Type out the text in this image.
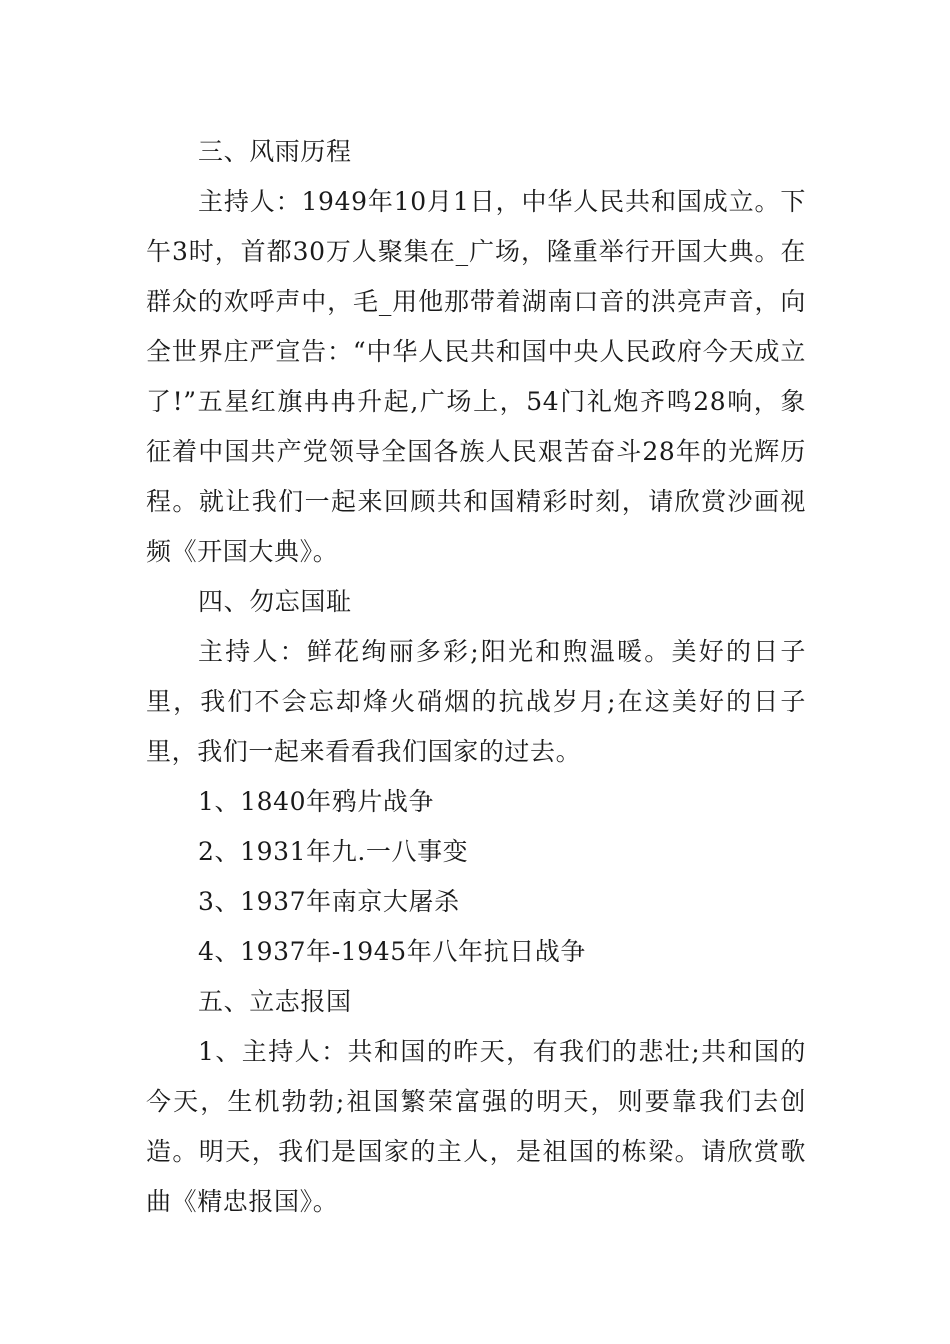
三、风雨历程

主持人：1949年10月1日，中华人民共和国成立。下午3时，首都30万人聚集在_广场，隆重举行开国大典。在群众的欢呼声中，毛_用他那带着湖南口音的洪亮声音，向全世界庄严宣告：“中华人民共和国中央人民政府今天成立了!”五星红旗冉冉升起,广场上，54门礼炮齐鸣28响，象征着中国共产党领导全国各族人民艰苦奋斗28年的光辉历程。就让我们一起来回顾共和国精彩时刻，请欣赏沙画视频《开国大典》。

四、勿忘国耻

主持人：鲜花绚丽多彩;阳光和煦温暖。美好的日子里，我们不会忘却烽火硝烟的抗战岁月;在这美好的日子里，我们一起来看看我们国家的过去。

1、1840年鸦片战争

2、1931年九.一八事变

3、1937年南京大屠杀

4、1937年-1945年八年抗日战争

五、立志报国

1、主持人：共和国的昨天，有我们的悲壮;共和国的今天，生机勃勃;祖国繁荣富强的明天，则要靠我们去创造。明天，我们是国家的主人，是祖国的栋梁。请欣赏歌曲《精忠报国》。
